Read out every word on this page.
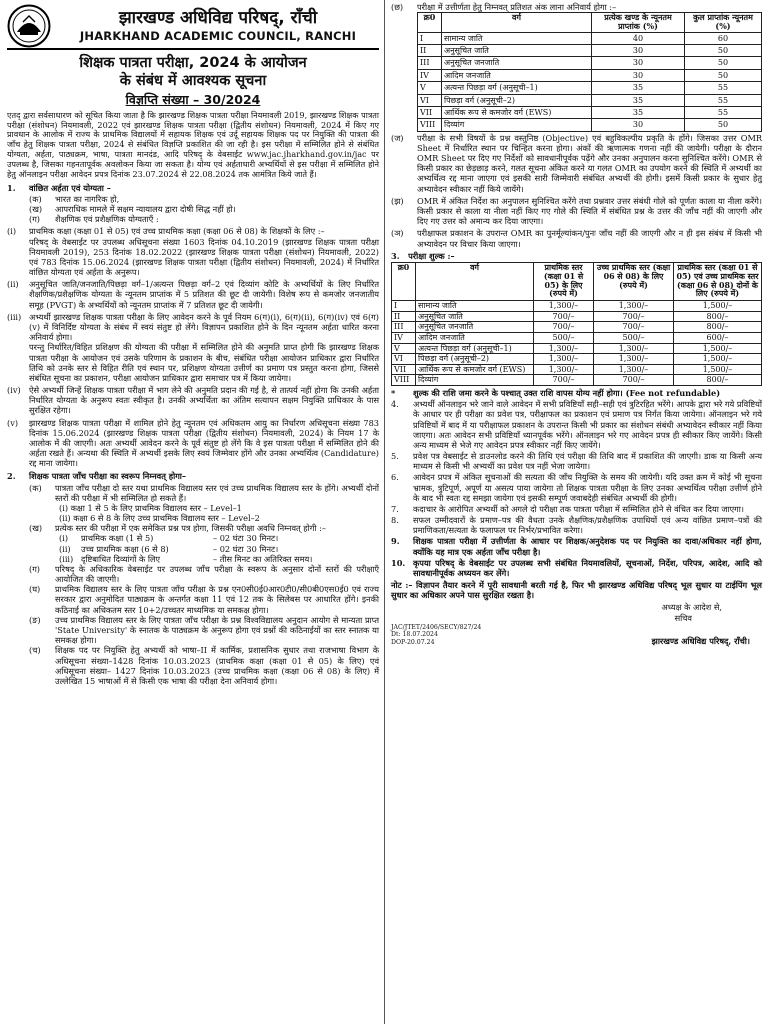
झारखण्ड अधिविद्य परिषद्, राँची
JHARKHAND ACADEMIC COUNCIL, RANCHI
शिक्षक पात्रता परीक्षा, 2024 के आयोजन
के संबंध में आवश्यक सूचना
विज्ञप्ति संख्या – 30/2024

एतद् द्वारा सर्वसाधारण को सूचित किया जाता है कि झारखण्ड शिक्षक पात्रता परीक्षा नियमावली 2019, झारखण्ड शिक्षक पात्रता परीक्षा (संशोधन) नियमावली, 2022 एवं झारखण्ड शिक्षक पात्रता परीक्षा (द्वितीय संशोधन) नियमावली, 2024 में किए गए प्रावधान के आलोक में राज्य के प्राथमिक विद्यालयों में सहायक शिक्षक एवं उर्दू सहायक शिक्षक पद पर नियुक्ति की पात्रता की जाँच हेतु शिक्षक पात्रता परीक्षा, 2024 से संबंधित विज्ञप्ति प्रकाशित की जा रही है। इस परीक्षा में सम्मिलित होने से संबंधित योग्यता, अर्हता, पाठ्यक्रम, भाषा, पात्रता मानदंड, आदि परिषद् के वेबसाईट www.jac.jharkhand.gov.in/jac पर उपलब्ध है, जिसका गहनतापूर्वक अवलोकन किया जा सकता है। योग्य एवं अर्हताधारी अभ्यर्थियों से इस परीक्षा में सम्मिलित होने हेतु ऑनलाइन परीक्षा आवेदन प्रपत्र दिनांक 23.07.2024 से 22.08.2024 तक आमंत्रित किये जाते हैं।

1.	वांछित अर्हता एवं योग्यता –
(क)	भारत का नागरिक हो,
(ख)	आपराधिक मामले में सक्षम न्यायालय द्वारा दोषी सिद्ध नहीं हो।
(ग)	शैक्षणिक एवं प्रशैक्षणिक योग्यताएँ :
(i)	प्राथमिक कक्षा (कक्षा 01 से 05) एवं उच्च प्राथमिक कक्षा (कक्षा 06 से 08) के शिक्षकों के लिए :–
परिषद् के वेबसाईट पर उपलब्ध अधिसूचना संख्या 1603 दिनांक 04.10.2019 (झारखण्ड शिक्षक पात्रता परीक्षा नियमावली 2019), 253 दिनांक 18.02.2022 (झारखण्ड शिक्षक पात्रता परीक्षा (संशोधन) नियमावली, 2022) एवं 783 दिनांक 15.06.2024 (झारखण्ड शिक्षक पात्रता परीक्षा (द्वितीय संशोधन) नियमावली, 2024) में निर्धारित वांछित योग्यता एवं अर्हता के अनुरूप।
(ii)	अनुसूचित जाति/जनजाति/पिछड़ा वर्ग–1/अत्यन्त पिछड़ा वर्ग–2 एवं दिव्यांग कोटि के अभ्यर्थियों के लिए निर्धारित शैक्षणिक/प्रशैक्षणिक योग्यता के न्यूनतम प्राप्तांक में 5 प्रतिशत की छूट दी जायेगी। विशेष रूप से कमजोर जनजातीय समूह (PVGT) के अभ्यर्थियों को न्यूनतम प्राप्तांक में 7 प्रतिशत छूट दी जायेगी।
(iii) अभ्यर्थी झारखण्ड शिक्षक पात्रता परीक्षा के लिए आवेदन करने के पूर्व नियम 6(ग)(i), 6(ग)(ii), 6(ग)(iv) एवं 6(ग)(v) में विनिर्दिष्ट योग्यता के संबंध में स्वयं संतुष्ट हो लेंगे। विज्ञापन प्रकाशित होने के दिन न्यूनतम अर्हता धारित करना अनिवार्य होगा।
परन्तु निर्धारित/विहित प्रशिक्षण की योग्यता की परीक्षा में सम्मिलित होने की अनुमति प्राप्त होगी कि झारखण्ड शिक्षक पात्रता परीक्षा के आयोजन एवं उसके परिणाम के प्रकाशन के बीच, संबंधित परीक्षा आयोजन प्राधिकार द्वारा निर्धारित तिथि को उनके स्तर से विहित रीति एवं स्थान पर, प्रशिक्षण योग्यता उत्तीर्ण का प्रमाण पत्र प्रस्तुत करना होगा, जिससे संबंधित सूचना का प्रकाशन, परीक्षा आयोजन प्राधिकार द्वारा समाचार पत्र में किया जायेगा।
(iv)	ऐसे अभ्यर्थी जिन्हें शिक्षक पात्रता परीक्षा में भाग लेने की अनुमति प्रदान की गई है, से तात्पर्य नहीं होगा कि उनकी अर्हता निर्धारित योग्यता के अनुरूप स्वतः स्वीकृत है। उनकी अभ्यर्थिता का अंतिम सत्यापन सक्षम नियुक्ति प्राधिकार के पास सुरक्षित रहेगा।
(v)	झारखण्ड शिक्षक पात्रता परीक्षा में शामिल होने हेतु न्यूनतम एवं अधिकतम आयु का निर्धारण अधिसूचना संख्या 783 दिनांक 15.06.2024 (झारखण्ड शिक्षक पात्रता परीक्षा (द्वितीय संशोधन) नियमावली, 2024) के नियम 17 के आलोक में की जाएगी। अतः अभ्यर्थी आवेदन करने के पूर्व संतुष्ट हो लेंगे कि वे इस पात्रता परीक्षा में सम्मिलित होने की अर्हता रखते हैं। अन्यथा की स्थिति में अभ्यर्थी इसके लिए स्वयं जिम्मेवार होंगे और उनका अभ्यर्थित्व (Candidature) रद्द माना जायेगा।
2.	शिक्षक पात्रता जाँच परीक्षा का स्वरूप निम्नवत् होगा–
(क)	पात्रता जाँच परीक्षा दो स्तर यथा प्राथमिक विद्यालय स्तर एवं उच्च प्राथमिक विद्यालय स्तर के होंगे। अभ्यर्थी दोनों स्तरों की परीक्षा में भी सम्मिलित हो सकते हैं।
(i) कक्षा 1 से 5 के लिए प्राथमिक विद्यालय स्तर – Level–1
(ii) कक्षा 6 से 8 के लिए उच्च प्राथमिक विद्यालय स्तर – Level–2
(ख)	प्रत्येक स्तर की परीक्षा में एक समेकित प्रश्न पत्र होगा, जिसकी परीक्षा अवधि निम्नवत् होगी :–
(i)	प्राथमिक कक्षा (1 से 5)	– 02 घंटा 30 मिनट।
(ii)	उच्च प्राथमिक कक्षा (6 से 8)	– 02 घंटा 30 मिनट।
(iii) दृष्टिबाधित दिव्यांगों के लिए	– तीस मिनट का अतिरिक्त समय।
(ग)	परिषद् के अधिकारिक वेबसाईट पर उपलब्ध जाँच परीक्षा के स्वरूप के अनुसार दोनों स्तरों की परीक्षाएँ आयोजित की जाएगी।
(घ)	प्राथमिक विद्यालय स्तर के लिए पात्रता जाँच परीक्षा के प्रश्न एन0सी0ई0आर0टी0/सी0बी0एस0ई0 एवं राज्य सरकार द्वारा अनुमोदित पाठ्यक्रम के अन्तर्गत कक्षा 11 एवं 12 तक के सिलेबस पर आधारित होंगे। इनकी कठिनाई का अधिकतम स्तर 10+2/उच्चतर माध्यमिक या समकक्ष होगा।
(ङ)	उच्च प्राथमिक विद्यालय स्तर के लिए पात्रता जाँच परीक्षा के प्रश्न विश्वविद्यालय अनुदान आयोग से मान्यता प्राप्त 'State University' के स्नातक के पाठ्यक्रम के अनुरूप होगा एवं प्रश्नों की कठिनाईयों का स्तर स्नातक या समकक्ष होगा।
(च)	शिक्षक पद पर नियुक्ति हेतु अभ्यर्थी को भाषा–II में कार्मिक, प्रशासनिक सुधार तथा राजभाषा विभाग के अधिसूचना संख्या–1428 दिनांक 10.03.2023 (प्राथमिक कक्षा (कक्षा 01 से 05) के लिए) एवं अधिसूचना संख्या– 1427 दिनांक 10.03.2023 (उच्च प्राथमिक कक्षा (कक्षा 06 से 08) के लिए) में उल्लेखित 15 भाषाओं में से किसी एक भाषा की परीक्षा देना अनिवार्य होगा।
(छ)	परीक्षा में उत्तीर्णता हेतु निम्नवत् प्रतिशत अंक लाना अनिवार्य होगा :–
क्र0	वर्ग	प्रत्येक खण्ड के न्यूनतम प्राप्तांक (%)	कुल प्राप्तांक न्यूनतम (%)
I	सामान्य जाति	40	60
II	अनुसूचित जाति	30	50
III	अनुसूचित जनजाति	30	50
IV	आदिम जनजाति	30	50
V	अत्यन्त पिछड़ा वर्ग (अनुसूची–1)	35	55
VI	पिछड़ा वर्ग (अनुसूची–2)	35	55
VII	आर्थिक रूप से कमजोर वर्ग (EWS)	35	55
VIII	दिव्यांग	30	50
(ज)	परीक्षा के सभी विषयों के प्रश्न वस्तुनिष्ठ (Objective) एवं बहुविकल्पीय प्रकृति के होंगे। जिसका उत्तर OMR Sheet में निर्धारित स्थान पर चिन्हित करना होगा। अंकों की ऋणात्मक गणना नहीं की जायेगी। परीक्षा के दौरान OMR Sheet पर दिए गए निर्देशों को सावधानीपूर्वक पढ़ेंगे और उनका अनुपालन करना सुनिश्चित करेंगे। OMR से किसी प्रकार का छेड़छाड़ करने, गलत सूचना अंकित करने या गलत OMR का उपयोग करने की स्थिति में अभ्यर्थी का अभ्यर्थित्व रद्द माना जाएगा एवं इसकी सारी जिम्मेवारी संबंधित अभ्यर्थी की होगी। इसमें किसी प्रकार के सुधार हेतु अभ्यावेदन स्वीकार नहीं किये जायेंगे।
(झ)	OMR में अंकित निर्देश का अनुपालन सुनिश्चित करेंगे तथा प्रश्नवार उत्तर संबंधी गोले को पूर्णतः काला या नीला करेंगे। किसी प्रकार से काला या नीला नहीं किए गए गोले की स्थिति में संबंधित प्रश्न के उत्तर की जाँच नहीं की जाएगी और दिए गए उत्तर को अमान्य कर दिया जाएगा।
(ञ)	परीक्षाफल प्रकाशन के उपरान्त OMR का पुनर्मूल्यांकन/पुनः जाँच नहीं की जाएगी और न ही इस संबंध में किसी भी अभ्यावेदन पर विचार किया जाएगा।
3.   परीक्षा शुल्क :–
क्र0	वर्ग	प्राथमिक स्तर (कक्षा 01 से 05) के लिए (रुपये में)	उच्च प्राथमिक स्तर (कक्षा 06 से 08) के लिए (रुपये में)	प्राथमिक स्तर (कक्षा 01 से 05) एवं उच्च प्राथमिक स्तर (कक्षा 06 से 08) दोनों के लिए (रुपये में)
I	सामान्य जाति	1,300/–	1,300/–	1,500/–
II	अनुसूचित जाति	700/–	700/–	800/–
III	अनुसूचित जनजाति	700/–	700/–	800/–
IV	आदिम जनजाति	500/–	500/–	600/–
V	अत्यन्त पिछड़ा वर्ग (अनुसूची–1)	1,300/–	1,300/–	1,500/–
VI	पिछड़ा वर्ग (अनुसूची–2)	1,300/–	1,300/–	1,500/–
VII	आर्थिक रूप से कमजोर वर्ग (EWS)	1,300/–	1,300/–	1,500/–
VIII	दिव्यांग	700/–	700/–	800/–
*	शुल्क की राशि जमा करने के पश्चात् उक्त राशि वापस योग्य नहीं होगा। (Fee not refundable)
4.	अभ्यर्थी ऑनलाइन भरे जाने वाले आवेदन में सभी प्रविष्टियाँ सही–सही एवं त्रुटिरहित भरेंगे। आपके द्वारा भरे गये प्रविष्टियों के आधार पर ही परीक्षा का प्रवेश पत्र, परीक्षाफल का प्रकाशन एवं प्रमाण पत्र निर्गत किया जायेगा। ऑनलाइन भरे गये प्रविष्टियों में बाद में या परीक्षाफल प्रकाशन के उपरान्त किसी भी प्रकार का संशोधन संबंधी अभ्यावेदन स्वीकार नहीं किया जाएगा। अतः आवेदन सभी प्रविष्टियाँ ध्यानपूर्वक भरेंगे। ऑनलाइन भरे गए आवेदन प्रपत्र ही स्वीकार किए जायेंगे। किसी अन्य माध्यम से भेजे गए आवेदन प्रपत्र स्वीकार नहीं किए जायेंगे।
5.	प्रवेश पत्र वेबसाईट से डाउनलोड करने की तिथि एवं परीक्षा की तिथि बाद में प्रकाशित की जाएगी। डाक या किसी अन्य माध्यम से किसी भी अभ्यर्थी का प्रवेश पत्र नहीं भेजा जायेगा।
6.	आवेदन प्रपत्र में अंकित सूचनाओं की सत्यता की जाँच नियुक्ति के समय की जायेगी। यदि उक्त क्रम में कोई भी सूचना भ्रामक, त्रुटिपूर्ण, अपूर्ण या असत्य पाया जायेगा तो शिक्षक पात्रता परीक्षा के लिए उनका अभ्यर्थित्व परीक्षा उत्तीर्ण होने के बाद भी स्वतः रद्द समझा जायेगा एवं इसकी सम्पूर्ण जवाबदेही संबंधित अभ्यर्थी की होगी।
7.	कदाचार के आरोपित अभ्यर्थी को अगले दो परीक्षा तक पात्रता परीक्षा में सम्मिलित होने से वंचित कर दिया जाएगा।
8.	सफल उम्मीदवारों के प्रमाण–पत्र की वैधता उनके शैक्षणिक/प्रशैक्षणिक उपाधियों एवं अन्य वांछित प्रमाण–पत्रों की प्रमाणिकता/सत्यता के फलाफल पर निर्भर/प्रभावित करेगा।
9.	शिक्षक पात्रता परीक्षा में उत्तीर्णता के आधार पर शिक्षक/अनुदेशक पद पर नियुक्ति का दावा/अधिकार नहीं होगा, क्योंकि यह मात्र एक अर्हता जाँच परीक्षा है।
10. कृपया परिषद् के वेबसाईट पर उपलब्ध सभी संबंधित नियमावलियों, सूचनाओं, निर्देश, परिपत्र, आदेश, आदि को सावधानीपूर्वक अध्ययन कर लेंगे।

नोट :– विज्ञापन तैयार करने में पूरी सावधानी बरती गई है, फिर भी झारखण्ड अधिविद्य परिषद् भूल सुधार या टाईपिंग भूल सुधार का अधिकार अपने पास सुरक्षित रखता है।

अध्यक्ष के आदेश से,
सचिव
JAC/JTET/2406/SECY/827/24
Dt: 18.07.2024
DOP-20.07.24	झारखण्ड अधिविद्य परिषद्, राँची।
